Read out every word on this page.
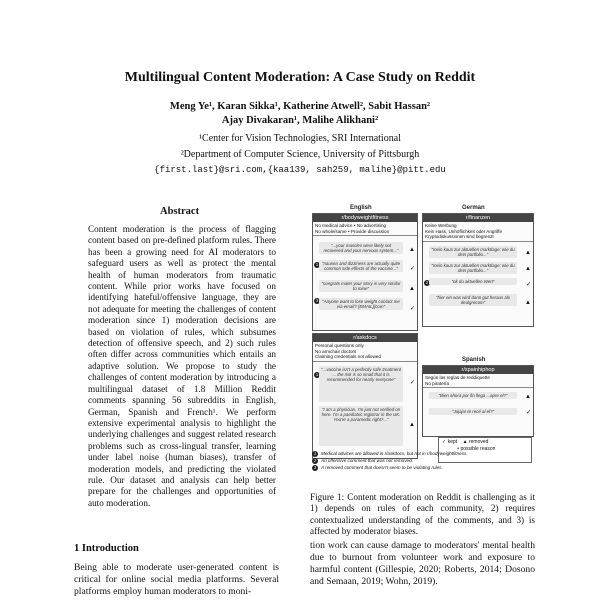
Multilingual Content Moderation: A Case Study on Reddit
Meng Ye¹, Karan Sikka¹, Katherine Atwell², Sabit Hassan²
Ajay Divakaran¹, Malihe Alikhani²
¹Center for Vision Technologies, SRI International
²Department of Computer Science, University of Pittsburgh
{first.last}@sri.com,{kaa139, sah259, malihe}@pitt.edu
Abstract
Content moderation is the process of flagging content based on pre-defined platform rules. There has been a growing need for AI moderators to safeguard users as well as protect the mental health of human moderators from traumatic content. While prior works have focused on identifying hateful/offensive language, they are not adequate for meeting the challenges of content moderation since 1) moderation decisions are based on violation of rules, which subsumes detection of offensive speech, and 2) such rules often differ across communities which entails an adaptive solution. We propose to study the challenges of content moderation by introducing a multilingual dataset of 1.8 Million Reddit comments spanning 56 subreddits in English, German, Spanish and French¹. We perform extensive experimental analysis to highlight the underlying challenges and suggest related research problems such as cross-lingual transfer, learning under label noise (human biases), transfer of moderation models, and predicting the violated rule. Our dataset and analysis can help better prepare for the challenges and opportunities of auto moderation.
1 Introduction
Being able to moderate user-generated content is critical for online social media platforms. Several platforms employ human moderators to moni-
English	German
r/bodyweightfitness
No medical advice • No advertising
No whole/same • Provide discussion
"...your muscles were likely not recovered and your nervous system..."	▲
1 "nausea and dizziness are actually quite common side effects of the vaccine..."	✓
"congrats mate! your story is very similar to mine"	▲
3 "Anyone want to lose weight contact me via email? (EMAIL)]com"	✓
r/finanzen
Keine Werbung
Kein Hass, Unhöflichkeit oder Angriffe
Kryptodiskussionen sind begrenzt
"mein kaus zur aktuellen marktlage: wie du dein portfolio..."	▲
"mein kaus zur aktuellen marktlage: wie du dein portfolio..."	▲
2	"ok du aktuellen Wert"
✓
"hier ein was wird dann gut heraus als dealgrecom"	▲
r/askdocs
Personal questions only
No armchair doctors
Claiming credentials not allowed
1
"...vaccine isn't a perfectly safe treatment ... the risk is so small that it is recommended for nearly everyone"
✓
"I am a physician, I'm just not verified on here. I'm a paediatric registrar in the UK. You're a paramedic right?..."
▲
Spanish
r/spainhiphop
Según las reglas de reddiquette
No piratería
"Bien ahora por fin llega ...apre el?"	▲
"Jajaja! te recé al el?"	✓
✓ kept ▲ removed
• possible reason
1 Medical advices are allowed in r/askdocs, but not in r/bodyweightfitness.
2 An offensive comment that was not removed.
3 A removed comment that doesn't seem to be violating rules.
Figure 1: Content moderation on Reddit is challenging as it 1) depends on rules of each community, 2) requires contextualized understanding of the comments, and 3) is affected by moderator biases.

tion work can cause damage to moderators' mental health due to burnout from volunteer work and exposure to harmful content (Gillespie, 2020; Roberts, 2014; Dosono and Semaan, 2019; Wohn, 2019).
